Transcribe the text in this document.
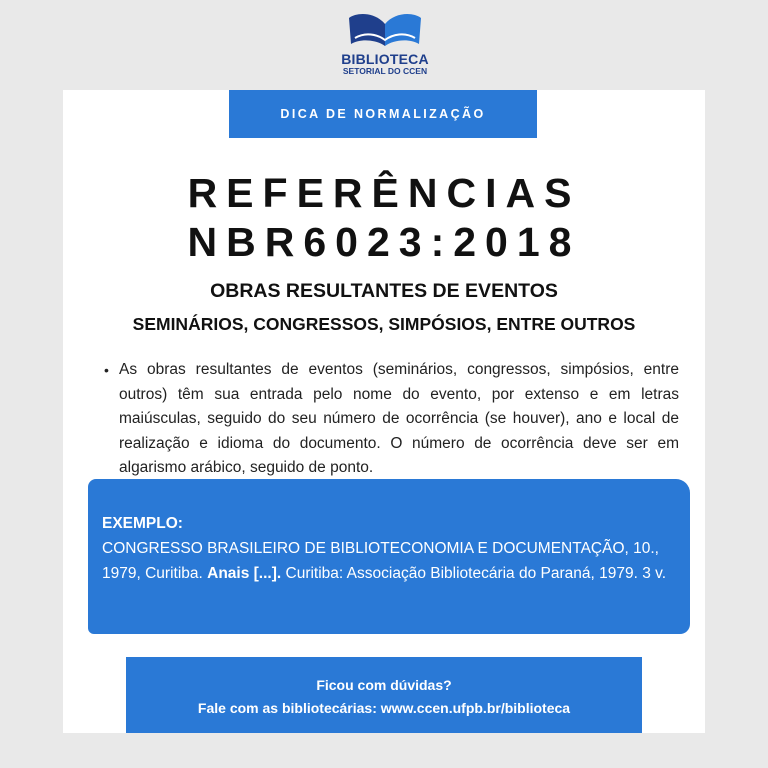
BIBLIOTECA
SETORIAL DO CCEN
DICA DE NORMALIZAÇÃO
REFERÊNCIAS
NBR6023:2018
OBRAS RESULTANTES DE EVENTOS
SEMINÁRIOS, CONGRESSOS, SIMPÓSIOS, ENTRE OUTROS
• As obras resultantes de eventos (seminários, congressos, simpósios, entre outros) têm sua entrada pelo nome do evento, por extenso e em letras maiúsculas, seguido do seu número de ocorrência (se houver), ano e local de realização e idioma do documento. O número de ocorrência deve ser em algarismo arábico, seguido de ponto.
EXEMPLO:
CONGRESSO BRASILEIRO DE BIBLIOTECONOMIA E DOCUMENTAÇÃO, 10., 1979, Curitiba. Anais [...]. Curitiba: Associação Bibliotecária do Paraná, 1979. 3 v.
Ficou com dúvidas?
Fale com as bibliotecárias: www.ccen.ufpb.br/biblioteca
